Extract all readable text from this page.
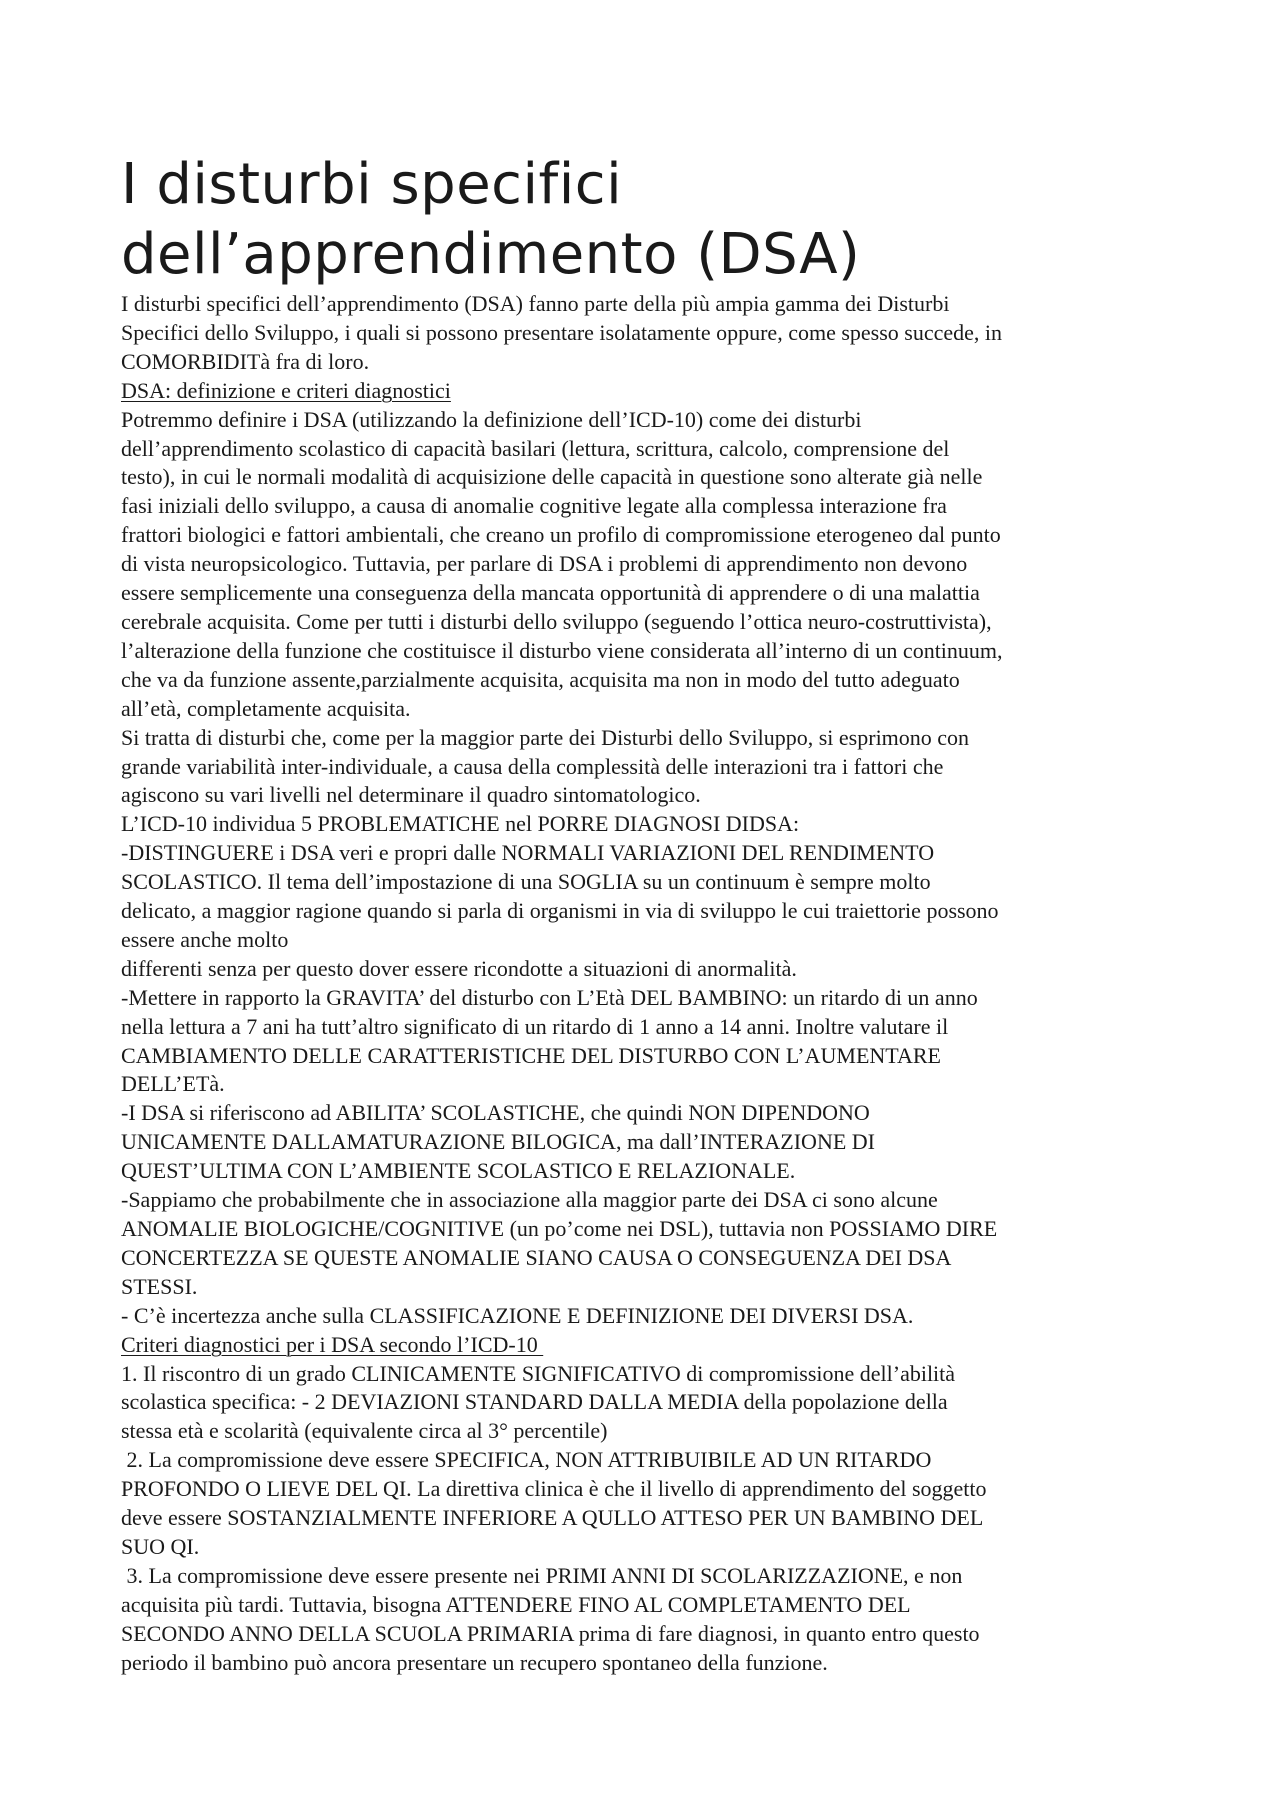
I disturbi specifici
dell’apprendimento (DSA)
I disturbi specifici dell’apprendimento (DSA) fanno parte della più ampia gamma dei Disturbi
Specifici dello Sviluppo, i quali si possono presentare isolatamente oppure, come spesso succede, in
COMORBIDITà fra di loro.
DSA: definizione e criteri diagnostici
Potremmo definire i DSA (utilizzando la definizione dell’ICD-10) come dei disturbi
dell’apprendimento scolastico di capacità basilari (lettura, scrittura, calcolo, comprensione del
testo), in cui le normali modalità di acquisizione delle capacità in questione sono alterate già nelle
fasi iniziali dello sviluppo, a causa di anomalie cognitive legate alla complessa interazione fra
frattori biologici e fattori ambientali, che creano un profilo di compromissione eterogeneo dal punto
di vista neuropsicologico. Tuttavia, per parlare di DSA i problemi di apprendimento non devono
essere semplicemente una conseguenza della mancata opportunità di apprendere o di una malattia
cerebrale acquisita. Come per tutti i disturbi dello sviluppo (seguendo l’ottica neuro-costruttivista),
l’alterazione della funzione che costituisce il disturbo viene considerata all’interno di un continuum,
che va da funzione assente,parzialmente acquisita, acquisita ma non in modo del tutto adeguato
all’età, completamente acquisita.
Si tratta di disturbi che, come per la maggior parte dei Disturbi dello Sviluppo, si esprimono con
grande variabilità inter-individuale, a causa della complessità delle interazioni tra i fattori che
agiscono su vari livelli nel determinare il quadro sintomatologico.
L’ICD-10 individua 5 PROBLEMATICHE nel PORRE DIAGNOSI DIDSA:
-DISTINGUERE i DSA veri e propri dalle NORMALI VARIAZIONI DEL RENDIMENTO
SCOLASTICO. Il tema dell’impostazione di una SOGLIA su un continuum è sempre molto
delicato, a maggior ragione quando si parla di organismi in via di sviluppo le cui traiettorie possono
essere anche molto
differenti senza per questo dover essere ricondotte a situazioni di anormalità.
-Mettere in rapporto la GRAVITA’ del disturbo con L’Età DEL BAMBINO: un ritardo di un anno
nella lettura a 7 ani ha tutt’altro significato di un ritardo di 1 anno a 14 anni. Inoltre valutare il
CAMBIAMENTO DELLE CARATTERISTICHE DEL DISTURBO CON L’AUMENTARE
DELL’ETà.
-I DSA si riferiscono ad ABILITA’ SCOLASTICHE, che quindi NON DIPENDONO
UNICAMENTE DALLAMATURAZIONE BILOGICA, ma dall’INTERAZIONE DI
QUEST’ULTIMA CON L’AMBIENTE SCOLASTICO E RELAZIONALE.
-Sappiamo che probabilmente che in associazione alla maggior parte dei DSA ci sono alcune
ANOMALIE BIOLOGICHE/COGNITIVE (un po’come nei DSL), tuttavia non POSSIAMO DIRE
CONCERTEZZA SE QUESTE ANOMALIE SIANO CAUSA O CONSEGUENZA DEI DSA
STESSI.
- C’è incertezza anche sulla CLASSIFICAZIONE E DEFINIZIONE DEI DIVERSI DSA.
Criteri diagnostici per i DSA secondo l’ICD-10
1. Il riscontro di un grado CLINICAMENTE SIGNIFICATIVO di compromissione dell’abilità
scolastica specifica: - 2 DEVIAZIONI STANDARD DALLA MEDIA della popolazione della
stessa età e scolarità (equivalente circa al 3° percentile)
2. La compromissione deve essere SPECIFICA, NON ATTRIBUIBILE AD UN RITARDO
PROFONDO O LIEVE DEL QI. La direttiva clinica è che il livello di apprendimento del soggetto
deve essere SOSTANZIALMENTE INFERIORE A QULLO ATTESO PER UN BAMBINO DEL
SUO QI.
3. La compromissione deve essere presente nei PRIMI ANNI DI SCOLARIZZAZIONE, e non
acquisita più tardi. Tuttavia, bisogna ATTENDERE FINO AL COMPLETAMENTO DEL
SECONDO ANNO DELLA SCUOLA PRIMARIA prima di fare diagnosi, in quanto entro questo
periodo il bambino può ancora presentare un recupero spontaneo della funzione.
